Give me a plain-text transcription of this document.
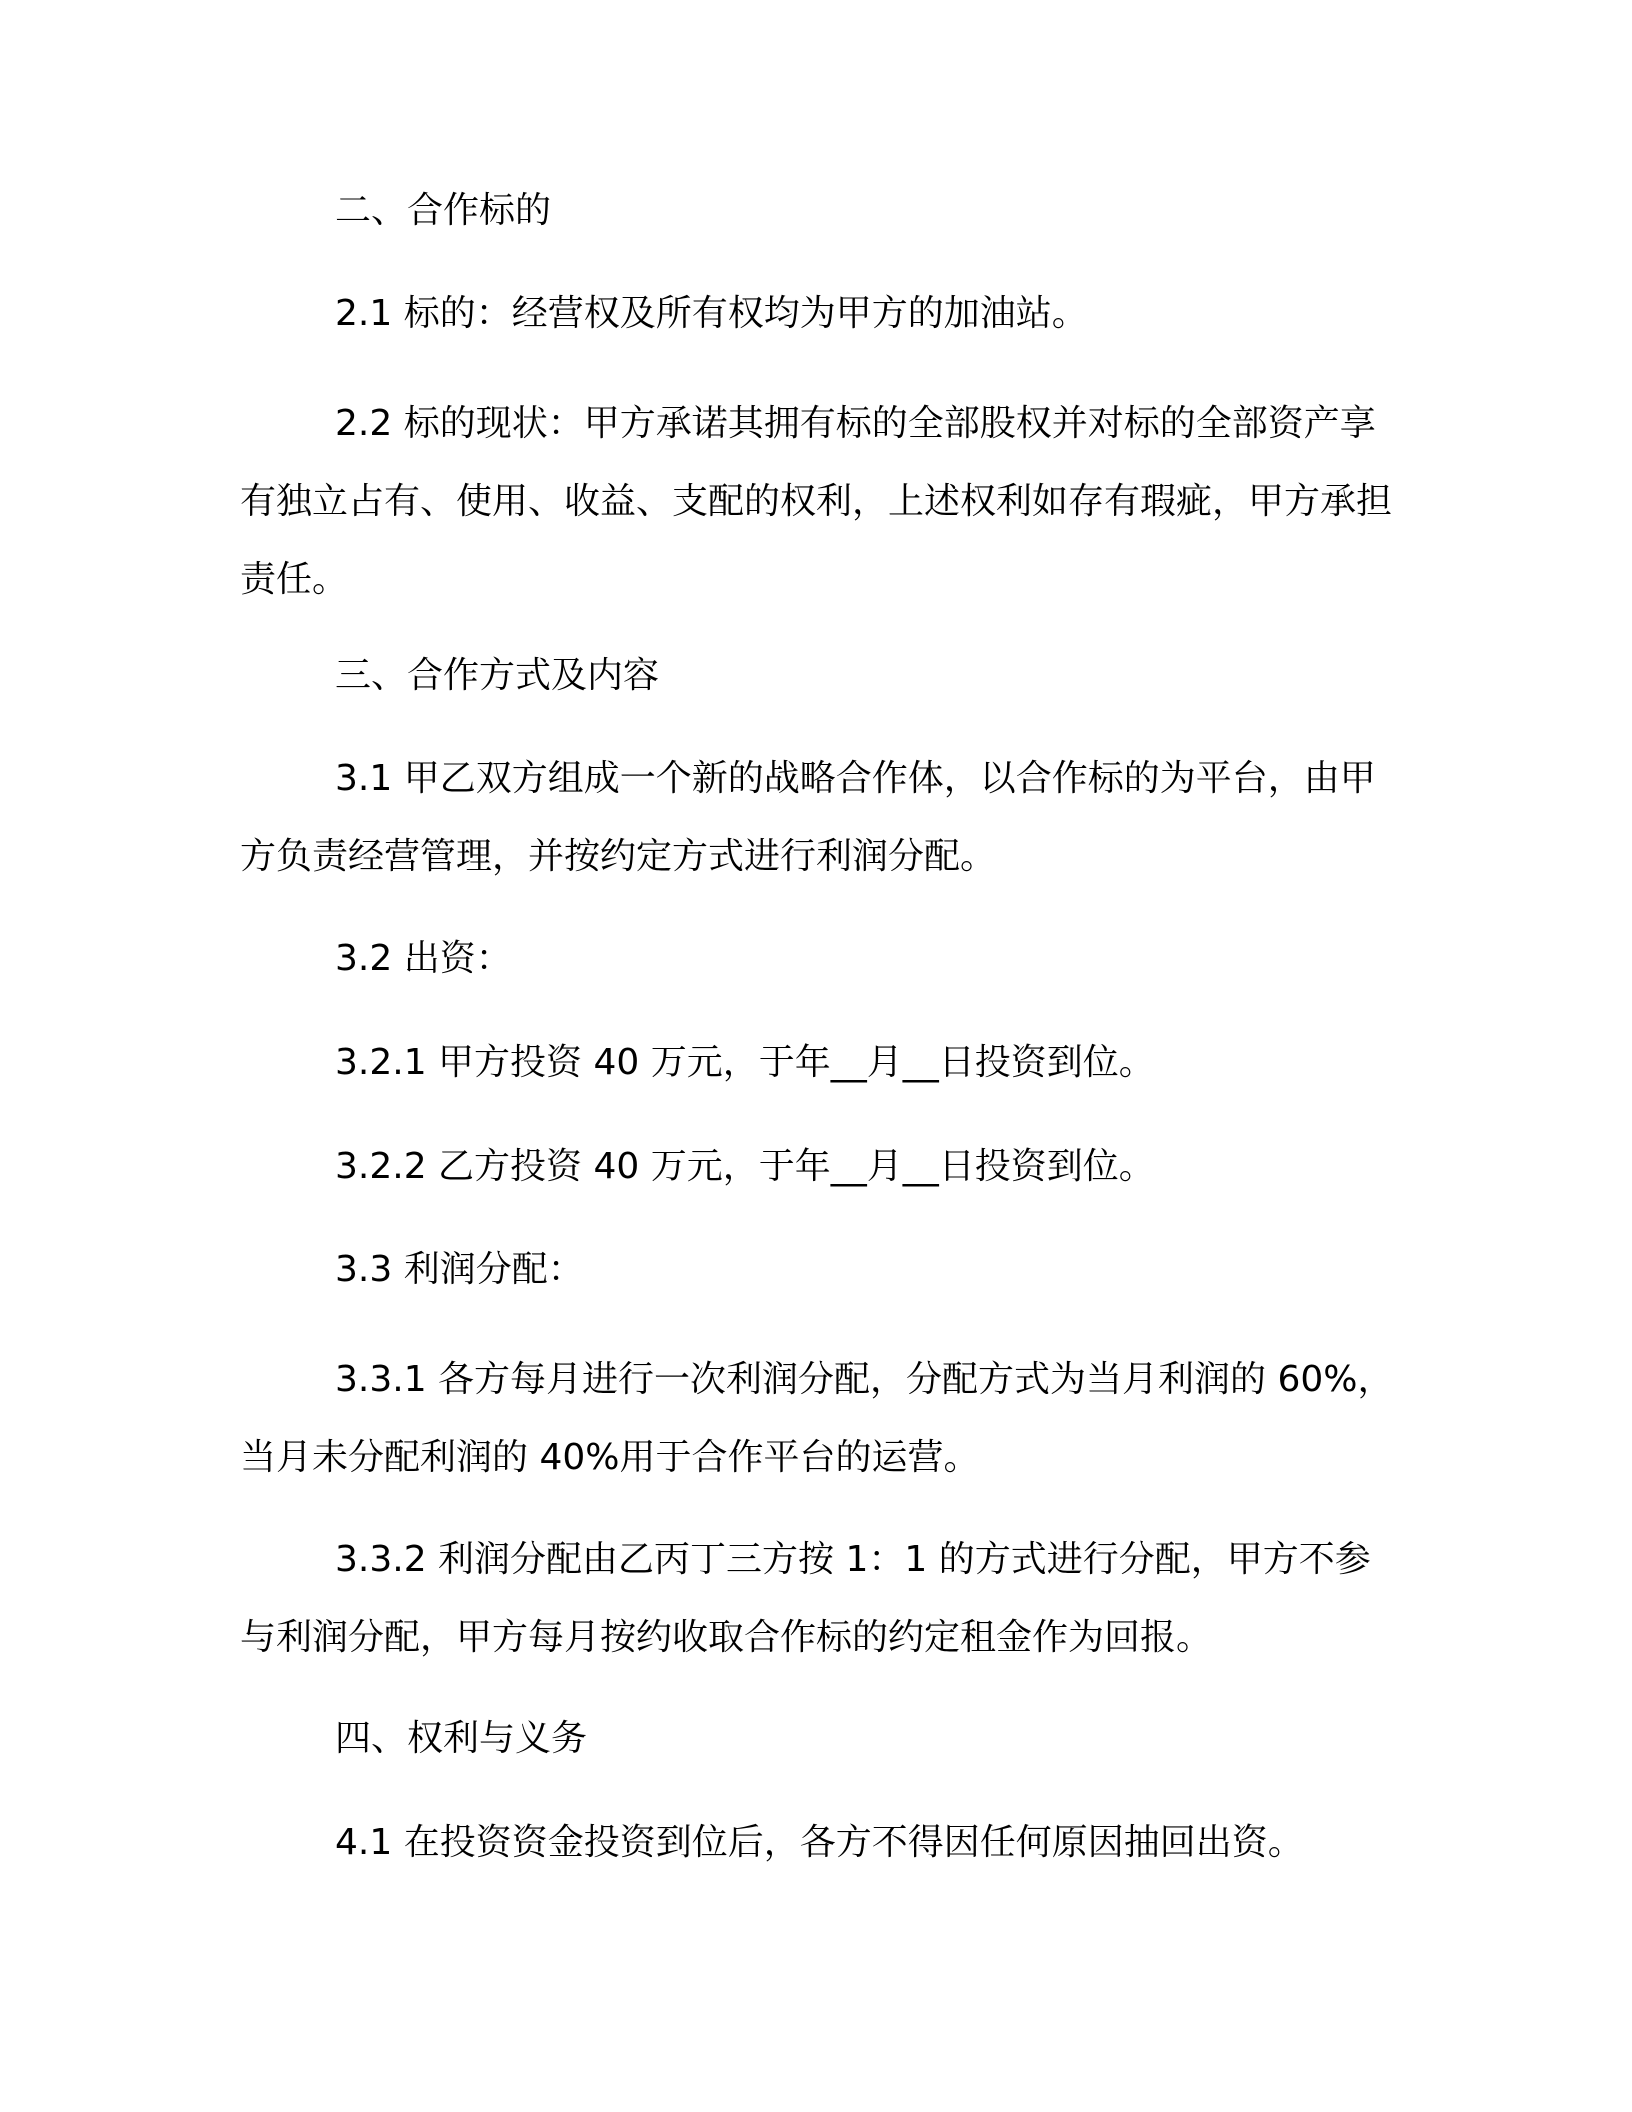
二、合作标的

2.1 标的：经营权及所有权均为甲方的加油站。

2.2 标的现状：甲方承诺其拥有标的全部股权并对标的全部资产享有独立占有、使用、收益、支配的权利，上述权利如存有瑕疵，甲方承担责任。

三、合作方式及内容

3.1 甲乙双方组成一个新的战略合作体，以合作标的为平台，由甲方负责经营管理，并按约定方式进行利润分配。

3.2 出资：

3.2.1 甲方投资 40 万元，于年__月__日投资到位。

3.2.2 乙方投资 40 万元，于年__月__日投资到位。

3.3 利润分配：

3.3.1 各方每月进行一次利润分配，分配方式为当月利润的 60%，当月未分配利润的 40%用于合作平台的运营。

3.3.2 利润分配由乙丙丁三方按 1：1 的方式进行分配，甲方不参与利润分配，甲方每月按约收取合作标的约定租金作为回报。

四、权利与义务

4.1 在投资资金投资到位后，各方不得因任何原因抽回出资。
